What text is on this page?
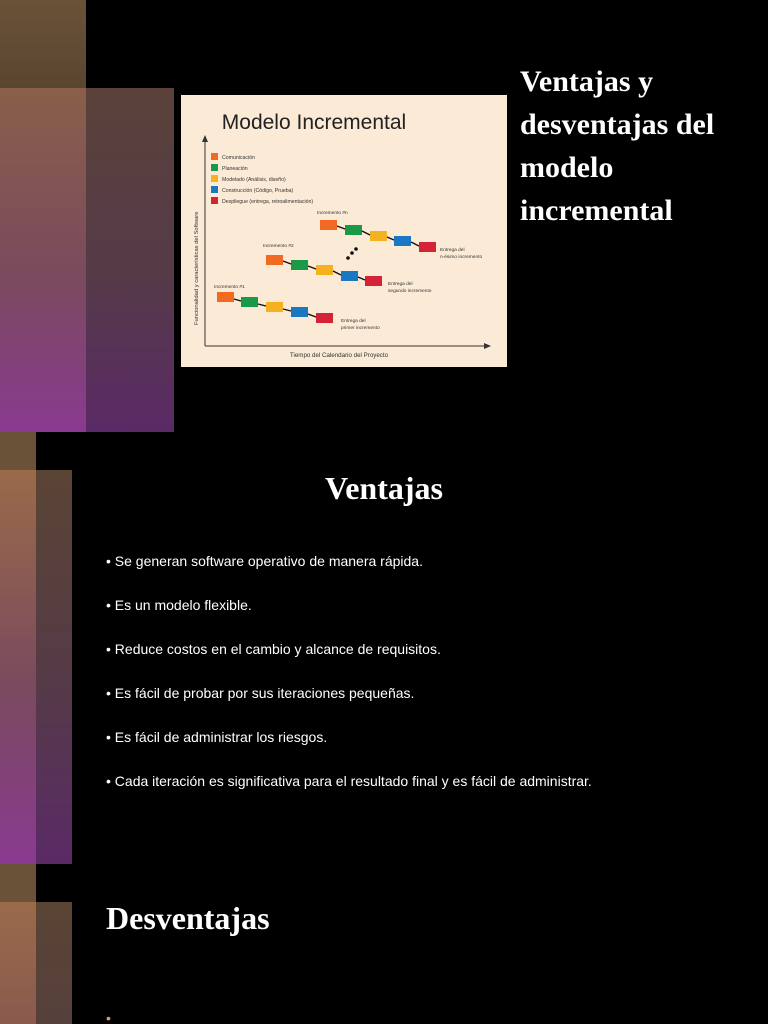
Modelo Incremental
Comunicación
Planeación
Modelado (Análisis, diseño)
Construcción (Código, Prueba)
Despliegue (entrega, retroalimentación)
Funcionalidad y características del Software
Tiempo del Calendario del Proyecto
Incremento #1
Entrega del
primer incremento
Incremento #2
Entrega del
segundo incremento
Incremento #n
Entrega del
n-ésimo incremento
Ventajas y desventajas del modelo incremental
Ventajas
• Se generan software operativo de manera rápida.
• Es un modelo flexible.
• Reduce costos en el cambio y alcance de requisitos.
• Es fácil de probar por sus iteraciones pequeñas.
• Es fácil de administrar los riesgos.
• Cada iteración es significativa para el resultado final y es fácil de administrar.
Desventajas
•
